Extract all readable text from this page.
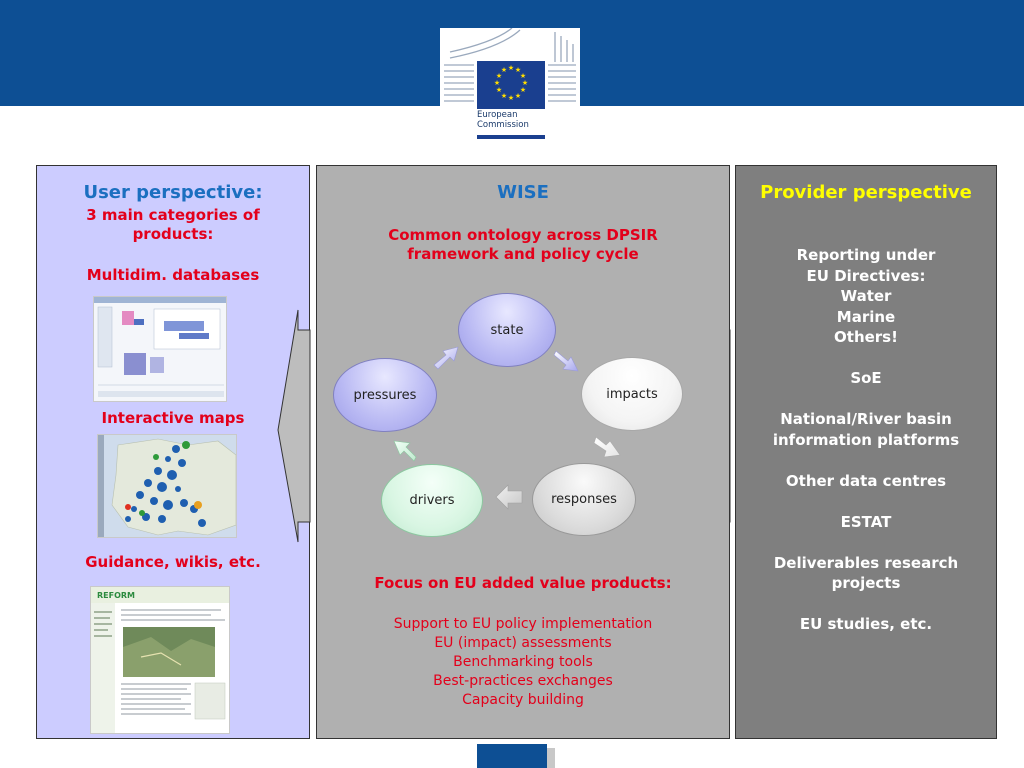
★ ★
★
★
★
★
★
★
★
★
★
★
European
Commission
User perspective:
3 main categories of products:
Multidim. databases
Interactive maps
Guidance, wikis, etc.
REFORM
WISE
Common ontology across DPSIR framework and policy cycle
Focus on EU added value products:
Support to EU policy implementation
EU (impact) assessments
Benchmarking tools
Best-practices exchanges
Capacity building
state
pressures	impacts
drivers	responses
Provider perspective
Reporting under
EU Directives:
Water
Marine
Others!
SoE
National/River basin
information platforms
Other data centres
ESTAT
Deliverables research
projects
EU studies, etc.
